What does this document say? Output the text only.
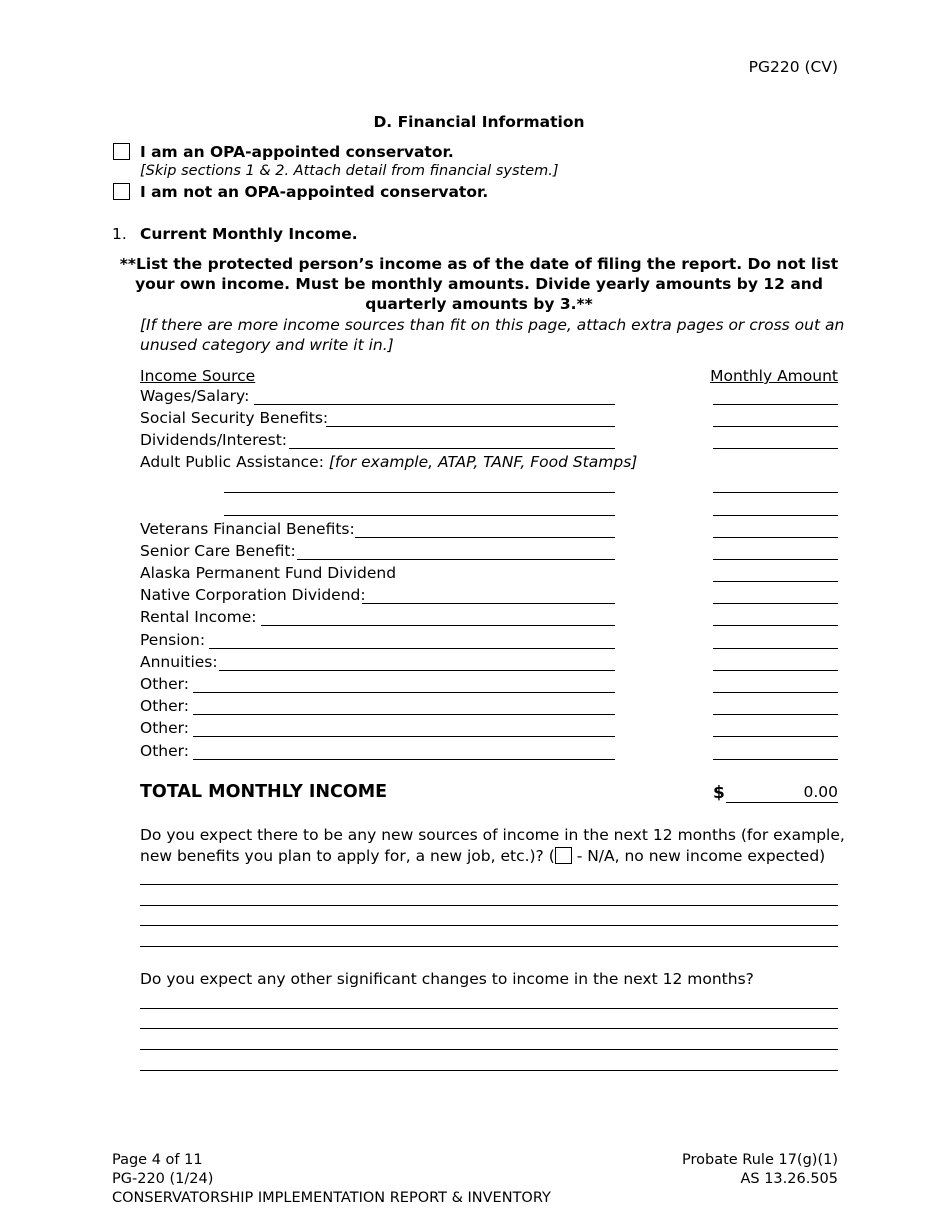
PG220 (CV)
D. Financial Information
I am an OPA-appointed conservator.
[Skip sections 1 & 2. Attach detail from financial system.]
I am not an OPA-appointed conservator.
1. Current Monthly Income.
**List the protected person’s income as of the date of filing the report. Do not list
your own income. Must be monthly amounts. Divide yearly amounts by 12 and
quarterly amounts by 3.**
[If there are more income sources than fit on this page, attach extra pages or cross out an
unused category and write it in.]
Income Source	Monthly Amount
Wages/Salary:
Social Security Benefits:
Dividends/Interest:
Adult Public Assistance: [for example, ATAP, TANF, Food Stamps]
Veterans Financial Benefits:
Senior Care Benefit:
Alaska Permanent Fund Dividend
Native Corporation Dividend:
Rental Income:
Pension:
Annuities:
Other:
Other:
Other:
Other:
TOTAL MONTHLY INCOME	$	0.00
Do you expect there to be any new sources of income in the next 12 months (for example,
new benefits you plan to apply for, a new job, etc.)? ( - N/A, no new income expected)
Do you expect any other significant changes to income in the next 12 months?
Page 4 of 11
PG-220 (1/24)
CONSERVATORSHIP IMPLEMENTATION REPORT & INVENTORY
Probate Rule 17(g)(1)
AS 13.26.505
